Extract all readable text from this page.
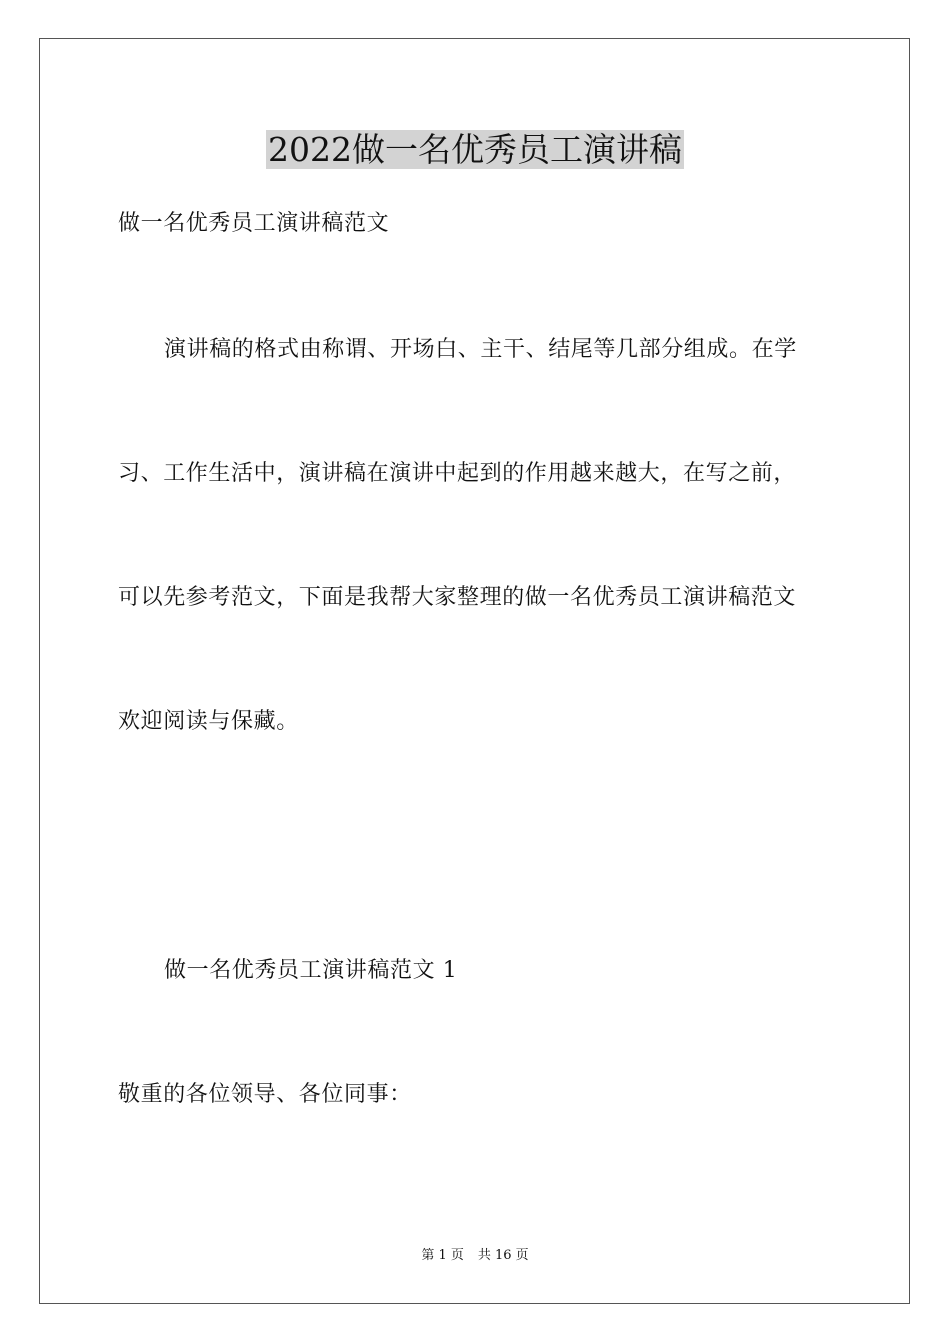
2022做一名优秀员工演讲稿
做一名优秀员工演讲稿范文
演讲稿的格式由称谓、开场白、主干、结尾等几部分组成。在学
习、工作生活中，演讲稿在演讲中起到的作用越来越大，在写之前，
可以先参考范文，下面是我帮大家整理的做一名优秀员工演讲稿范文
欢迎阅读与保藏。
做一名优秀员工演讲稿范文 1
敬重的各位领导、各位同事：
第 1 页 共 16 页
